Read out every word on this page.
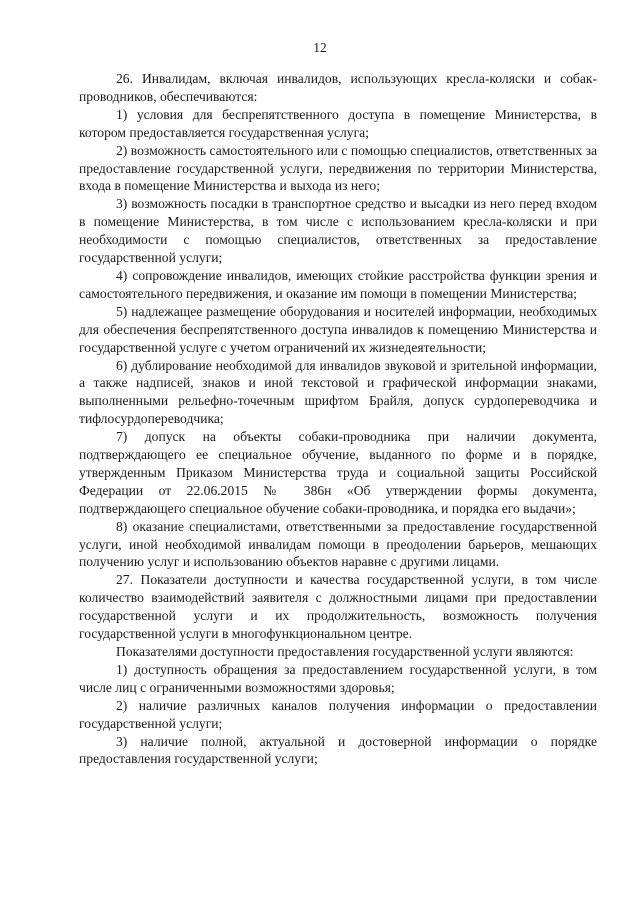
12

26. Инвалидам, включая инвалидов, использующих кресла-коляски и собак-проводников, обеспечиваются:

1) условия для беспрепятственного доступа в помещение Министерства, в котором предоставляется государственная услуга;

2) возможность самостоятельного или с помощью специалистов, ответственных за предоставление государственной услуги, передвижения по территории Министерства, входа в помещение Министерства и выхода из него;

3) возможность посадки в транспортное средство и высадки из него перед входом в помещение Министерства, в том числе с использованием кресла-коляски и при необходимости с помощью специалистов, ответственных за предоставление государственной услуги;

4) сопровождение инвалидов, имеющих стойкие расстройства функции зрения и самостоятельного передвижения, и оказание им помощи в помещении Министерства;

5) надлежащее размещение оборудования и носителей информации, необходимых для обеспечения беспрепятственного доступа инвалидов к помещению Министерства и государственной услуге с учетом ограничений их жизнедеятельности;

6) дублирование необходимой для инвалидов звуковой и зрительной информации, а также надписей, знаков и иной текстовой и графической информации знаками, выполненными рельефно-точечным шрифтом Брайля, допуск сурдопереводчика и тифлосурдопереводчика;

7) допуск на объекты собаки-проводника при наличии документа, подтверждающего ее специальное обучение, выданного по форме и в порядке, утвержденным Приказом Министерства труда и социальной защиты Российской Федерации от 22.06.2015 № 386н «Об утверждении формы документа, подтверждающего специальное обучение собаки-проводника, и порядка его выдачи»;

8) оказание специалистами, ответственными за предоставление государственной услуги, иной необходимой инвалидам помощи в преодолении барьеров, мешающих получению услуг и использованию объектов наравне с другими лицами.

27. Показатели доступности и качества государственной услуги, в том числе количество взаимодействий заявителя с должностными лицами при предоставлении государственной услуги и их продолжительность, возможность получения государственной услуги в многофункциональном центре.

Показателями доступности предоставления государственной услуги являются:

1) доступность обращения за предоставлением государственной услуги, в том числе лиц с ограниченными возможностями здоровья;

2) наличие различных каналов получения информации о предоставлении государственной услуги;

3) наличие полной, актуальной и достоверной информации о порядке предоставления государственной услуги;
